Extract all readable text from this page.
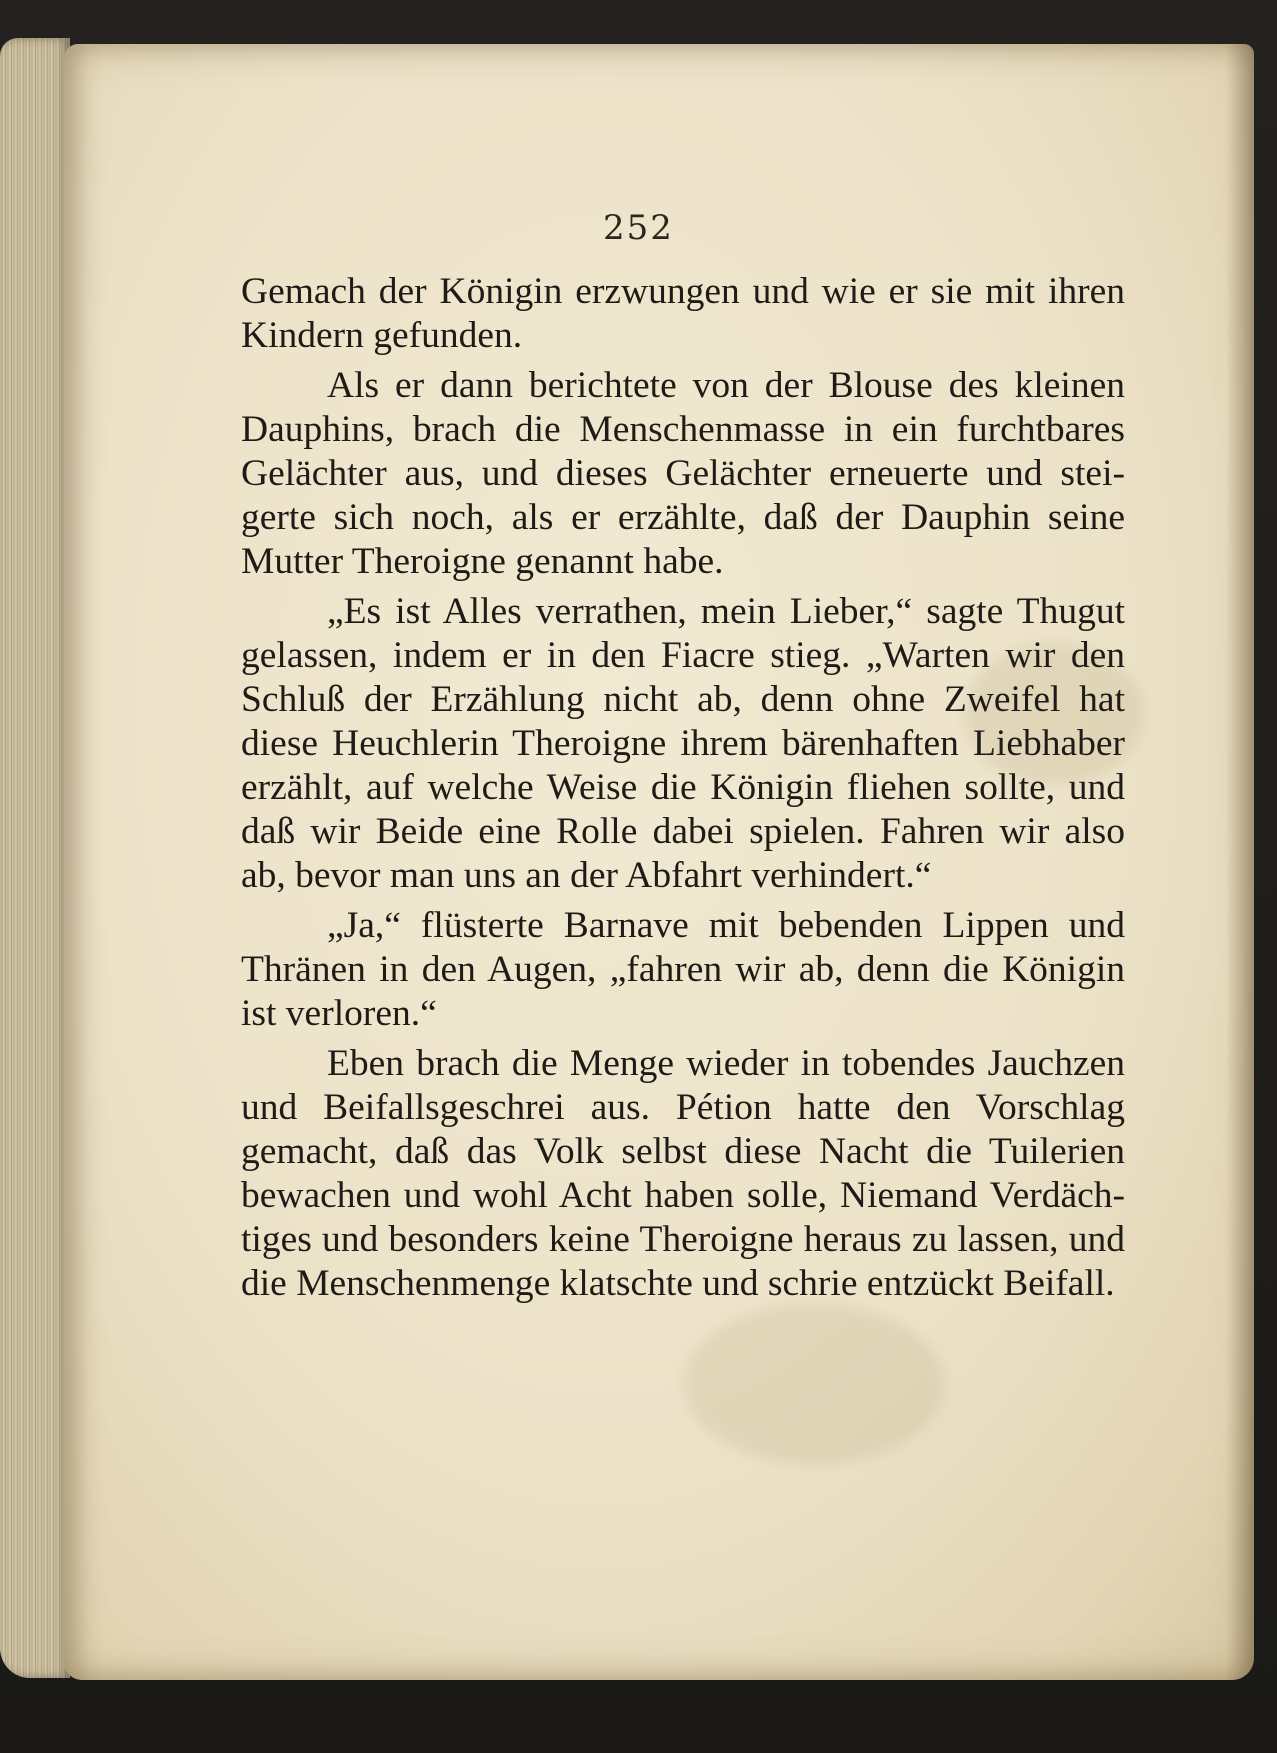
252

Gemach der Königin erzwungen und wie er sie mit ihren Kindern gefunden.

Als er dann berichtete von der Blouse des kleinen Dauphins, brach die Menschenmasse in ein furchtbares Gelächter aus, und dieses Gelächter erneuerte und steigerte sich noch, als er erzählte, daß der Dauphin seine Mutter Theroigne genannt habe.

„Es ist Alles verrathen, mein Lieber,“ sagte Thugut gelassen, indem er in den Fiacre stieg. „Warten wir den Schluß der Erzählung nicht ab, denn ohne Zweifel hat diese Heuchlerin Theroigne ihrem bärenhaften Liebhaber erzählt, auf welche Weise die Königin fliehen sollte, und daß wir Beide eine Rolle dabei spielen. Fahren wir also ab, bevor man uns an der Abfahrt verhindert.“

„Ja,“ flüsterte Barnave mit bebenden Lippen und Thränen in den Augen, „fahren wir ab, denn die Königin ist verloren.“

Eben brach die Menge wieder in tobendes Jauchzen und Beifallsgeschrei aus. Pétion hatte den Vorschlag gemacht, daß das Volk selbst diese Nacht die Tuilerien bewachen und wohl Acht haben solle, Niemand Verdächtiges und besonders keine Theroigne heraus zu lassen, und die Menschenmenge klatschte und schrie entzückt Beifall.
